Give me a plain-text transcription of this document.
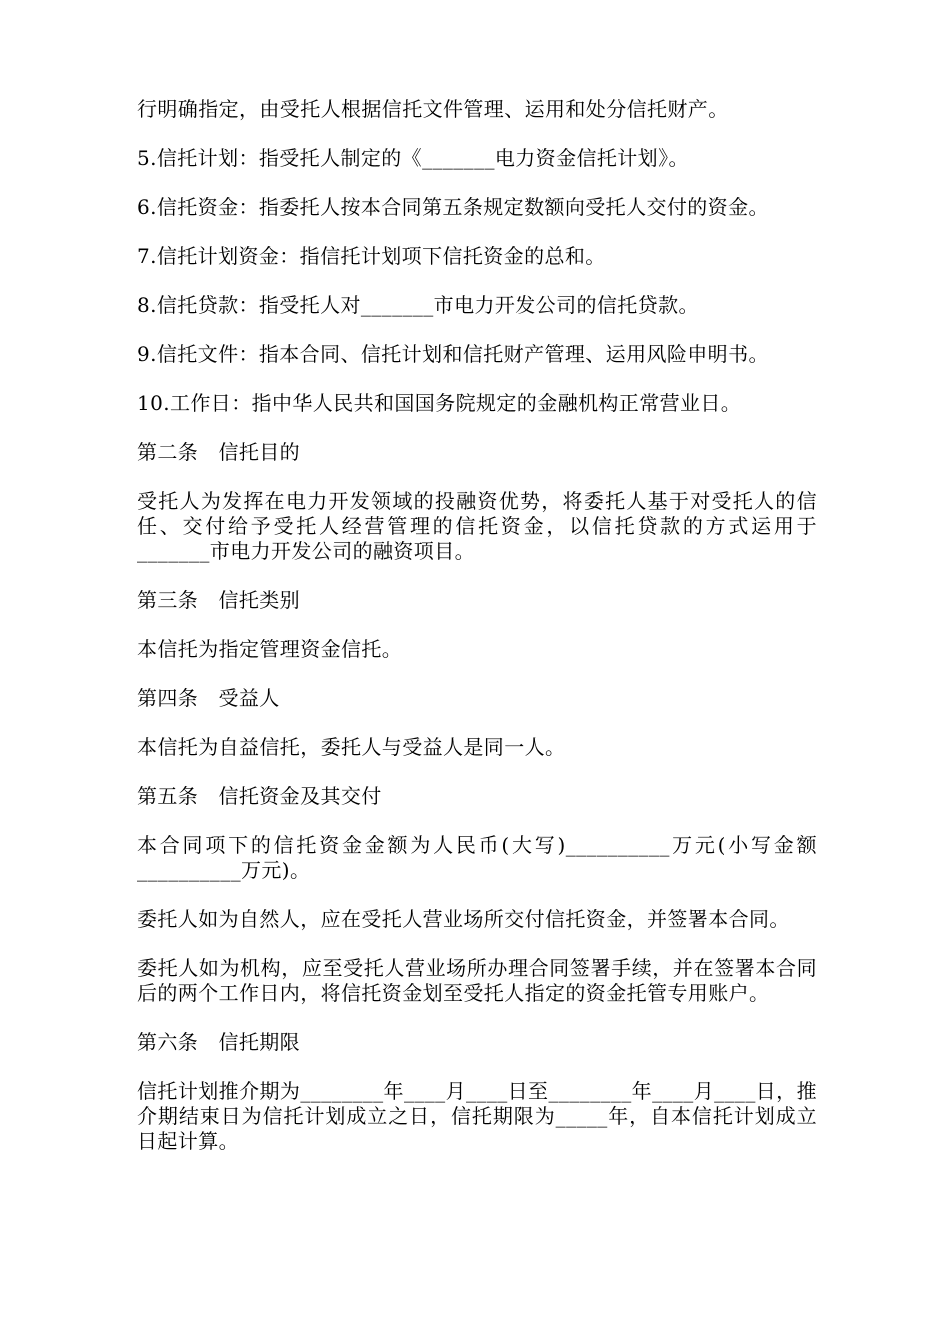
行明确指定，由受托人根据信托文件管理、运用和处分信托财产。

5.信托计划：指受托人制定的《_______电力资金信托计划》。

6.信托资金：指委托人按本合同第五条规定数额向受托人交付的资金。

7.信托计划资金：指信托计划项下信托资金的总和。

8.信托贷款：指受托人对_______市电力开发公司的信托贷款。

9.信托文件：指本合同、信托计划和信托财产管理、运用风险申明书。

10.工作日：指中华人民共和国国务院规定的金融机构正常营业日。

第二条   信托目的

受托人为发挥在电力开发领域的投融资优势，将委托人基于对受托人的信任、交付给予受托人经营管理的信托资金，以信托贷款的方式运用于_______市电力开发公司的融资项目。

第三条   信托类别

本信托为指定管理资金信托。

第四条   受益人

本信托为自益信托，委托人与受益人是同一人。

第五条   信托资金及其交付

本合同项下的信托资金金额为人民币(大写)__________万元(小写金额__________万元)。

委托人如为自然人，应在受托人营业场所交付信托资金，并签署本合同。

委托人如为机构，应至受托人营业场所办理合同签署手续，并在签署本合同后的两个工作日内，将信托资金划至受托人指定的资金托管专用账户。

第六条   信托期限

信托计划推介期为________年____月____日至________年____月____日，推介期结束日为信托计划成立之日，信托期限为_____年，自本信托计划成立日起计算。
